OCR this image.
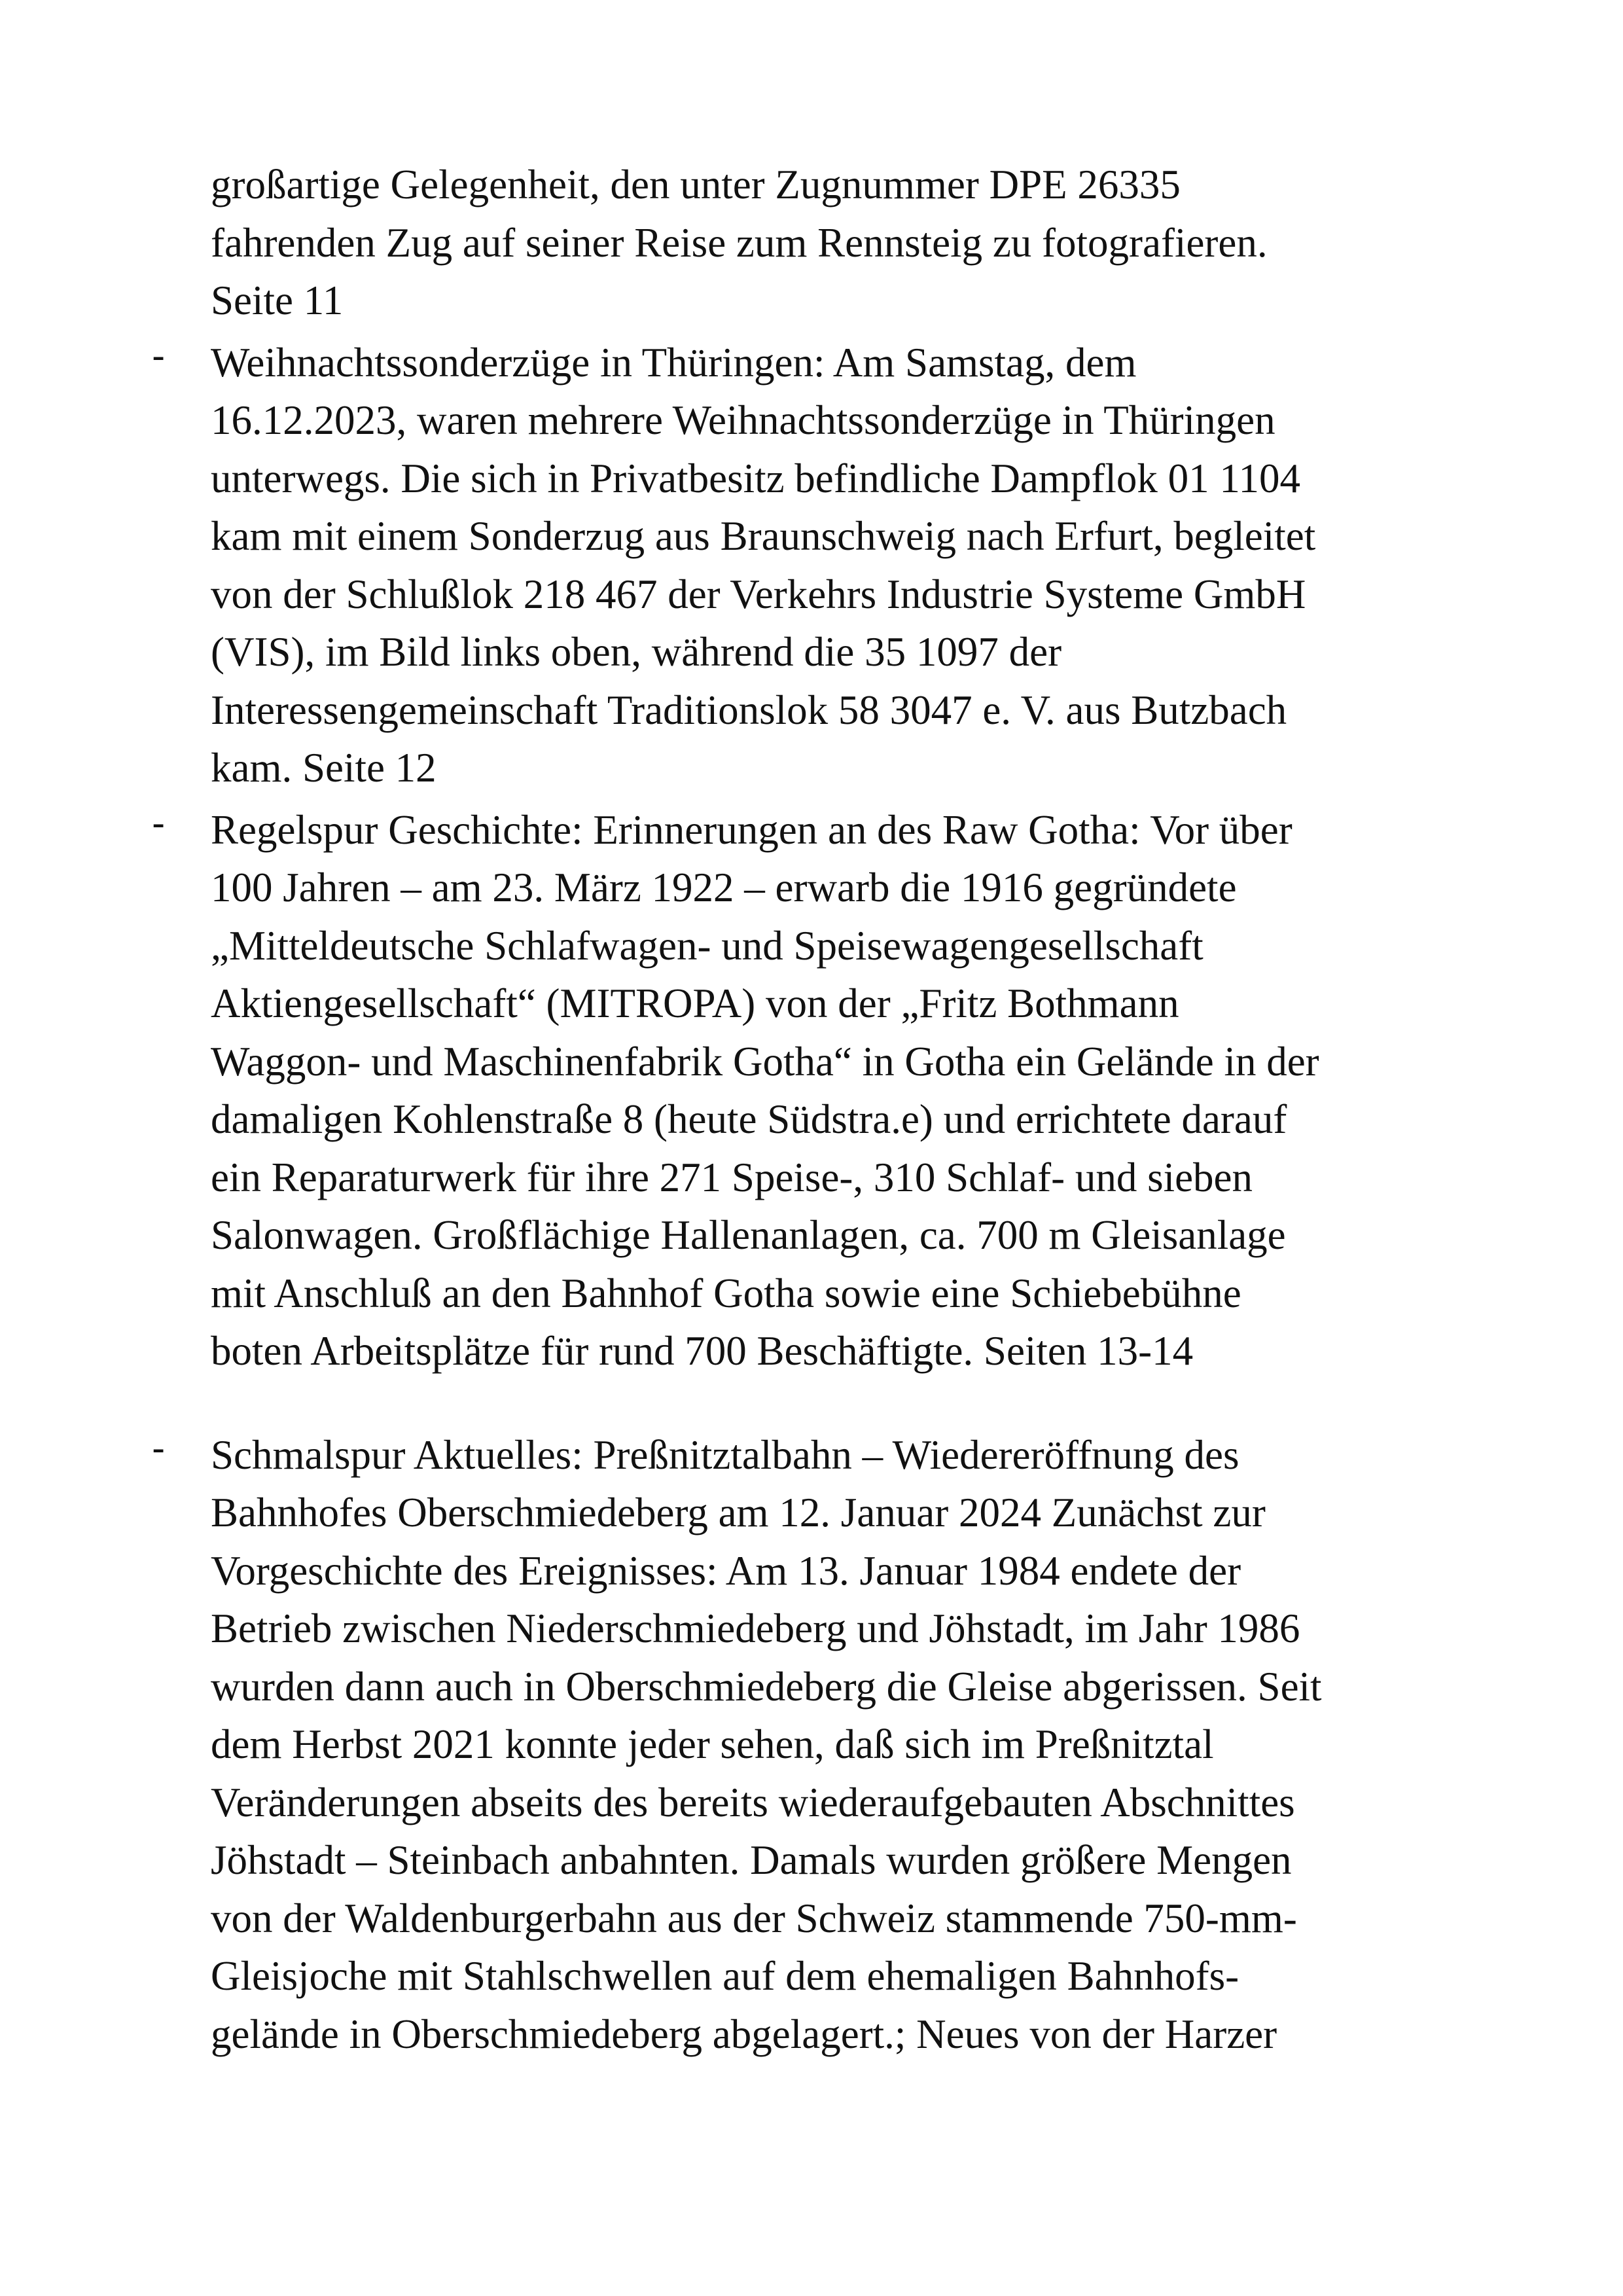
großartige Gelegenheit, den unter Zugnummer DPE 26335
fahrenden Zug auf seiner Reise zum Rennsteig zu fotografieren.
Seite 11

-	Weihnachtssonderzüge in Thüringen: Am Samstag, dem
16.12.2023, waren mehrere Weihnachtssonderzüge in Thüringen
unterwegs. Die sich in Privatbesitz befindliche Dampflok 01 1104
kam mit einem Sonderzug aus Braunschweig nach Erfurt, begleitet
von der Schlußlok 218 467 der Verkehrs Industrie Systeme GmbH
(VIS), im Bild links oben, während die 35 1097 der
Interessengemeinschaft Traditionslok 58 3047 e. V. aus Butzbach
kam. Seite 12

-	Regelspur Geschichte: Erinnerungen an des Raw Gotha: Vor über
100 Jahren – am 23. März 1922 – erwarb die 1916 gegründete
„Mitteldeutsche Schlafwagen- und Speisewagengesellschaft
Aktiengesellschaft“ (MITROPA) von der „Fritz Bothmann
Waggon- und Maschinenfabrik Gotha“ in Gotha ein Gelände in der
damaligen Kohlenstraße 8 (heute Südstra.e) und errichtete darauf
ein Reparaturwerk für ihre 271 Speise-, 310 Schlaf- und sieben
Salonwagen. Großflächige Hallenanlagen, ca. 700 m Gleisanlage
mit Anschluß an den Bahnhof Gotha sowie eine Schiebebühne
boten Arbeitsplätze für rund 700 Beschäftigte. Seiten 13-14

-	Schmalspur Aktuelles: Preßnitztalbahn – Wiedereröffnung des
Bahnhofes Oberschmiedeberg am 12. Januar 2024 Zunächst zur
Vorgeschichte des Ereignisses: Am 13. Januar 1984 endete der
Betrieb zwischen Niederschmiedeberg und Jöhstadt, im Jahr 1986
wurden dann auch in Oberschmiedeberg die Gleise abgerissen. Seit
dem Herbst 2021 konnte jeder sehen, daß sich im Preßnitztal
Veränderungen abseits des bereits wiederaufgebauten Abschnittes
Jöhstadt – Steinbach anbahnten. Damals wurden größere Mengen
von der Waldenburgerbahn aus der Schweiz stammende 750-mm-
Gleisjoche mit Stahlschwellen auf dem ehemaligen Bahnhofs-
gelände in Oberschmiedeberg abgelagert.; Neues von der Harzer
